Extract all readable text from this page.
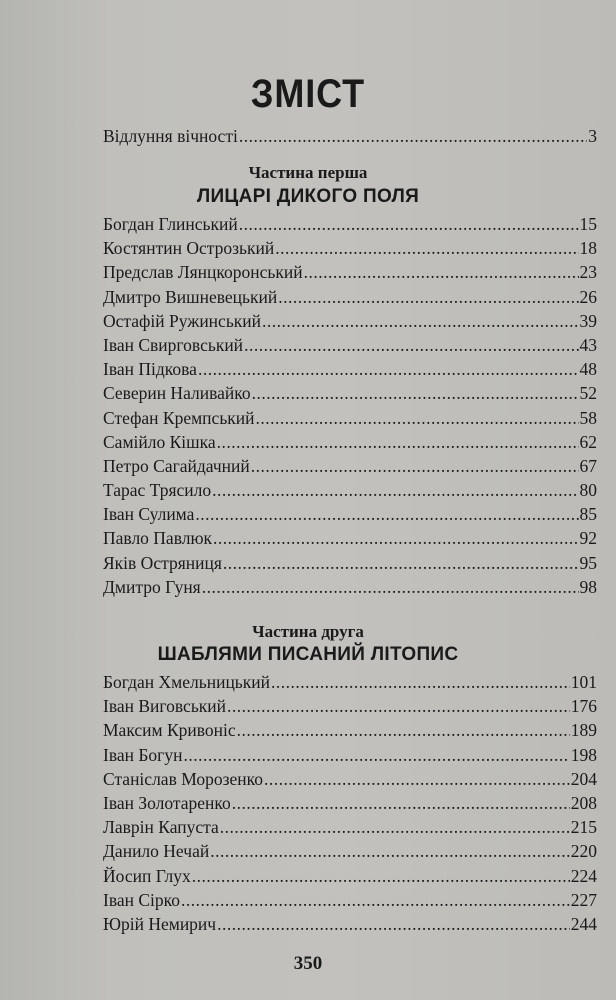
ЗМІСТ
Відлуння вічності .....	3
Частина перша
ЛИЦАРІ ДИКОГО ПОЛЯ
Богдан Глинський .....	15
Костянтин Острозький .....	18
Предслав Лянцкоронський .....	23
Дмитро Вишневецький .....	26
Остафій Ружинський .....	39
Іван Свирговський .....	43
Іван Підкова .....	48
Северин Наливайко .....	52
Стефан Кремпський .....	58
Самійло Кішка .....	62
Петро Сагайдачний .....	67
Тарас Трясило .....	80
Іван Сулима .....	85
Павло Павлюк .....	92
Яків Остряниця .....	95
Дмитро Гуня .....	98
Частина друга
ШАБЛЯМИ ПИСАНИЙ ЛІТОПИС
Богдан Хмельницький .....	101
Іван Виговський .....	176
Максим Кривоніс .....	189
Іван Богун .....	198
Станіслав Морозенко .....	204
Іван Золотаренко .....	208
Лаврін Капуста .....	215
Данило Нечай .....	220
Йосип Глух .....	224
Іван Сірко .....	227
Юрій Немирич .....	244
350
